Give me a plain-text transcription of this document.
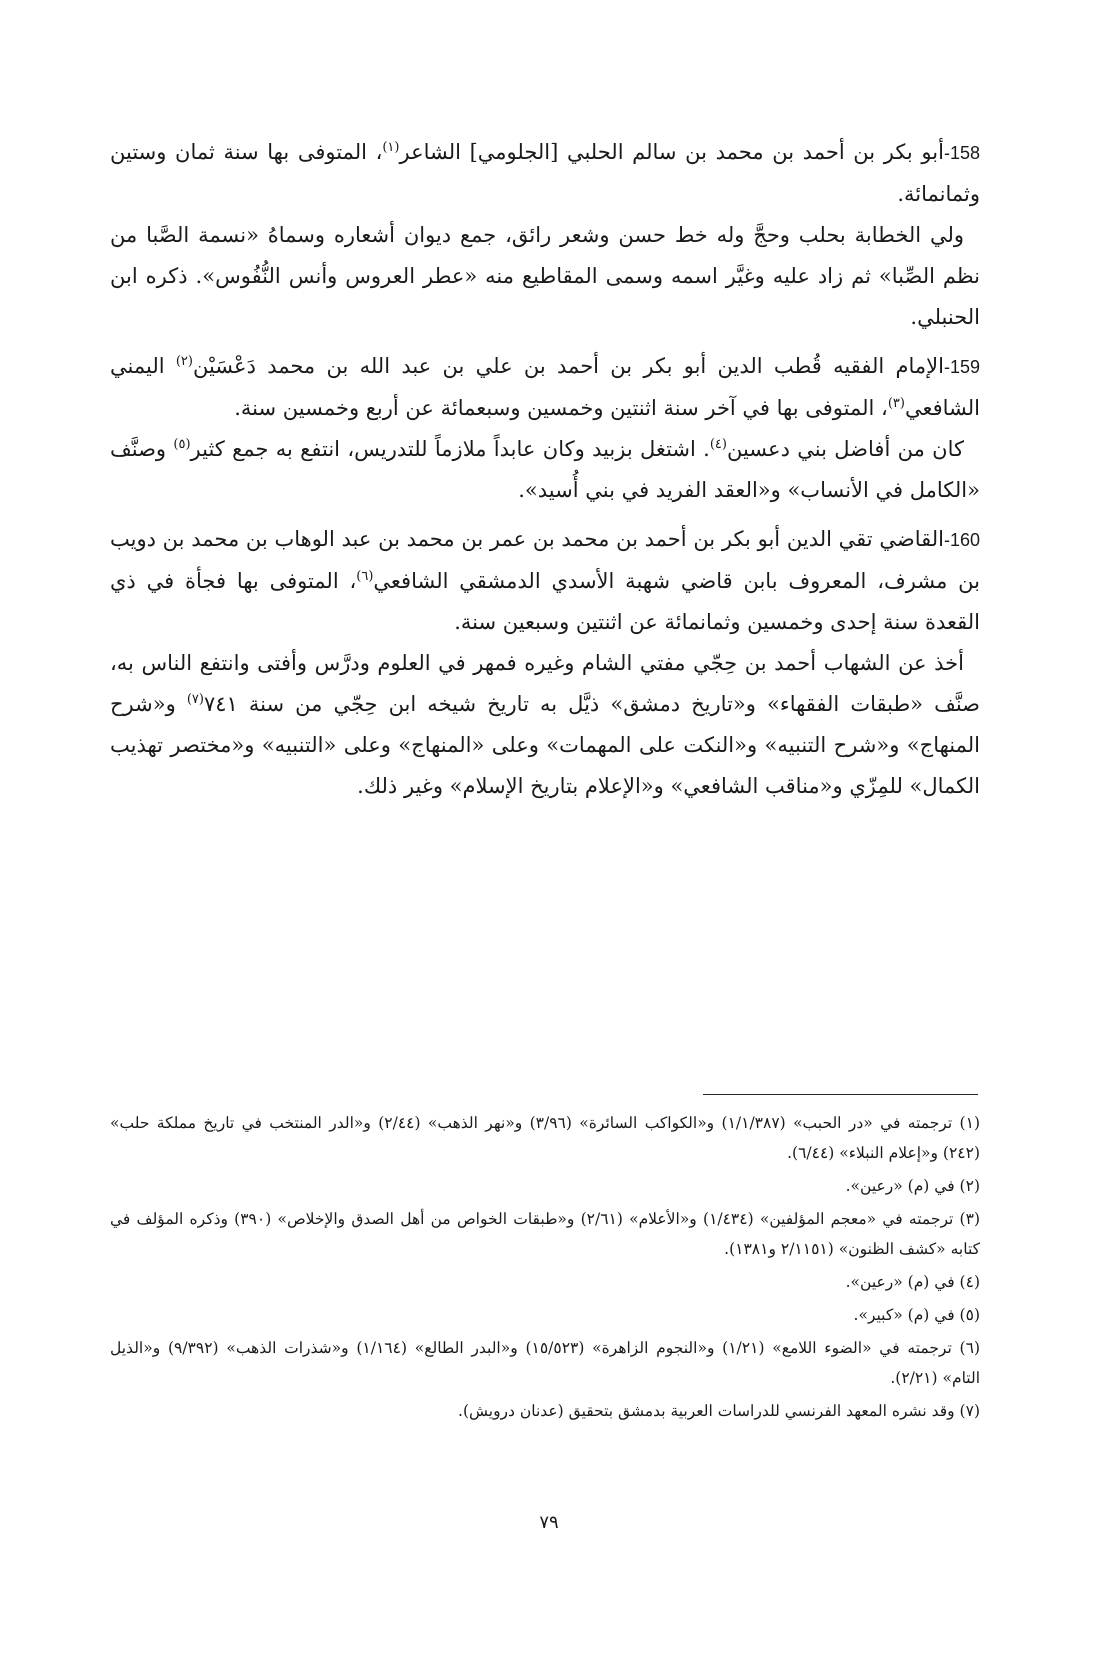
158-أبو بكر بن أحمد بن محمد بن سالم الحلبي [الجلومي] الشاعر$^{(١)}$، المتوفى بها سنة ثمان وستين وثمانمائة.

ولي الخطابة بحلب وحجَّ وله خط حسن وشعر رائق، جمع ديوان أشعاره وسماهُ «نسمة الصَّبا من نظم الصِّبا» ثم زاد عليه وغيَّر اسمه وسمى المقاطيع منه «عطر العروس وأنس النُّفُوس». ذكره ابن الحنبلي.

159-الإمام الفقيه قُطب الدين أبو بكر بن أحمد بن علي بن عبد الله بن محمد دَعْسَيْن$^{(٢)}$ اليمني الشافعي$^{(٣)}$، المتوفى بها في آخر سنة اثنتين وخمسين وسبعمائة عن أربع وخمسين سنة.

كان من أفاضل بني دعسين$^{(٤)}$. اشتغل بزبيد وكان عابداً ملازماً للتدريس، انتفع به جمع كثير$^{(٥)}$ وصنَّف «الكامل في الأنساب» و«العقد الفريد في بني أُسيد».

160-القاضي تقي الدين أبو بكر بن أحمد بن محمد بن عمر بن محمد بن عبد الوهاب بن محمد بن دويب بن مشرف، المعروف بابن قاضي شهبة الأسدي الدمشقي الشافعي$^{(٦)}$، المتوفى بها فجأة في ذي القعدة سنة إحدى وخمسين وثمانمائة عن اثنتين وسبعين سنة.

أخذ عن الشهاب أحمد بن حِجّي مفتي الشام وغيره فمهر في العلوم ودرَّس وأفتى وانتفع الناس به، صنَّف «طبقات الفقهاء» و«تاريخ دمشق» ذيَّل به تاريخ شيخه ابن حِجّي من سنة ٧٤١$^{(٧)}$ و«شرح المنهاج» و«شرح التنبيه» و«النكت على المهمات» وعلى «المنهاج» وعلى «التنبيه» و«مختصر تهذيب الكمال» للمِزّي و«مناقب الشافعي» و«الإعلام بتاريخ الإسلام» وغير ذلك.

(١) ترجمته في «در الحبب» (١/١/٣٨٧) و«الكواكب السائرة» (٣/٩٦) و«نهر الذهب» (٢/٤٤) و«الدر المنتخب في تاريخ مملكة حلب» (٢٤٢) و«إعلام النبلاء» (٦/٤٤).

(٢) في (م) «رعين».

(٣) ترجمته في «معجم المؤلفين» (١/٤٣٤) و«الأعلام» (٢/٦١) و«طبقات الخواص من أهل الصدق والإخلاص» (٣٩٠) وذكره المؤلف في كتابه «كشف الظنون» (٢/١١٥١ و١٣٨١).

(٤) في (م) «رعين».

(٥) في (م) «كبير».

(٦) ترجمته في «الضوء اللامع» (١/٢١) و«النجوم الزاهرة» (١٥/٥٢٣) و«البدر الطالع» (١/١٦٤) و«شذرات الذهب» (٩/٣٩٢) و«الذيل التام» (٢/٢١).

(٧) وقد نشره المعهد الفرنسي للدراسات العربية بدمشق بتحقيق (عدنان درويش).

٧٩
